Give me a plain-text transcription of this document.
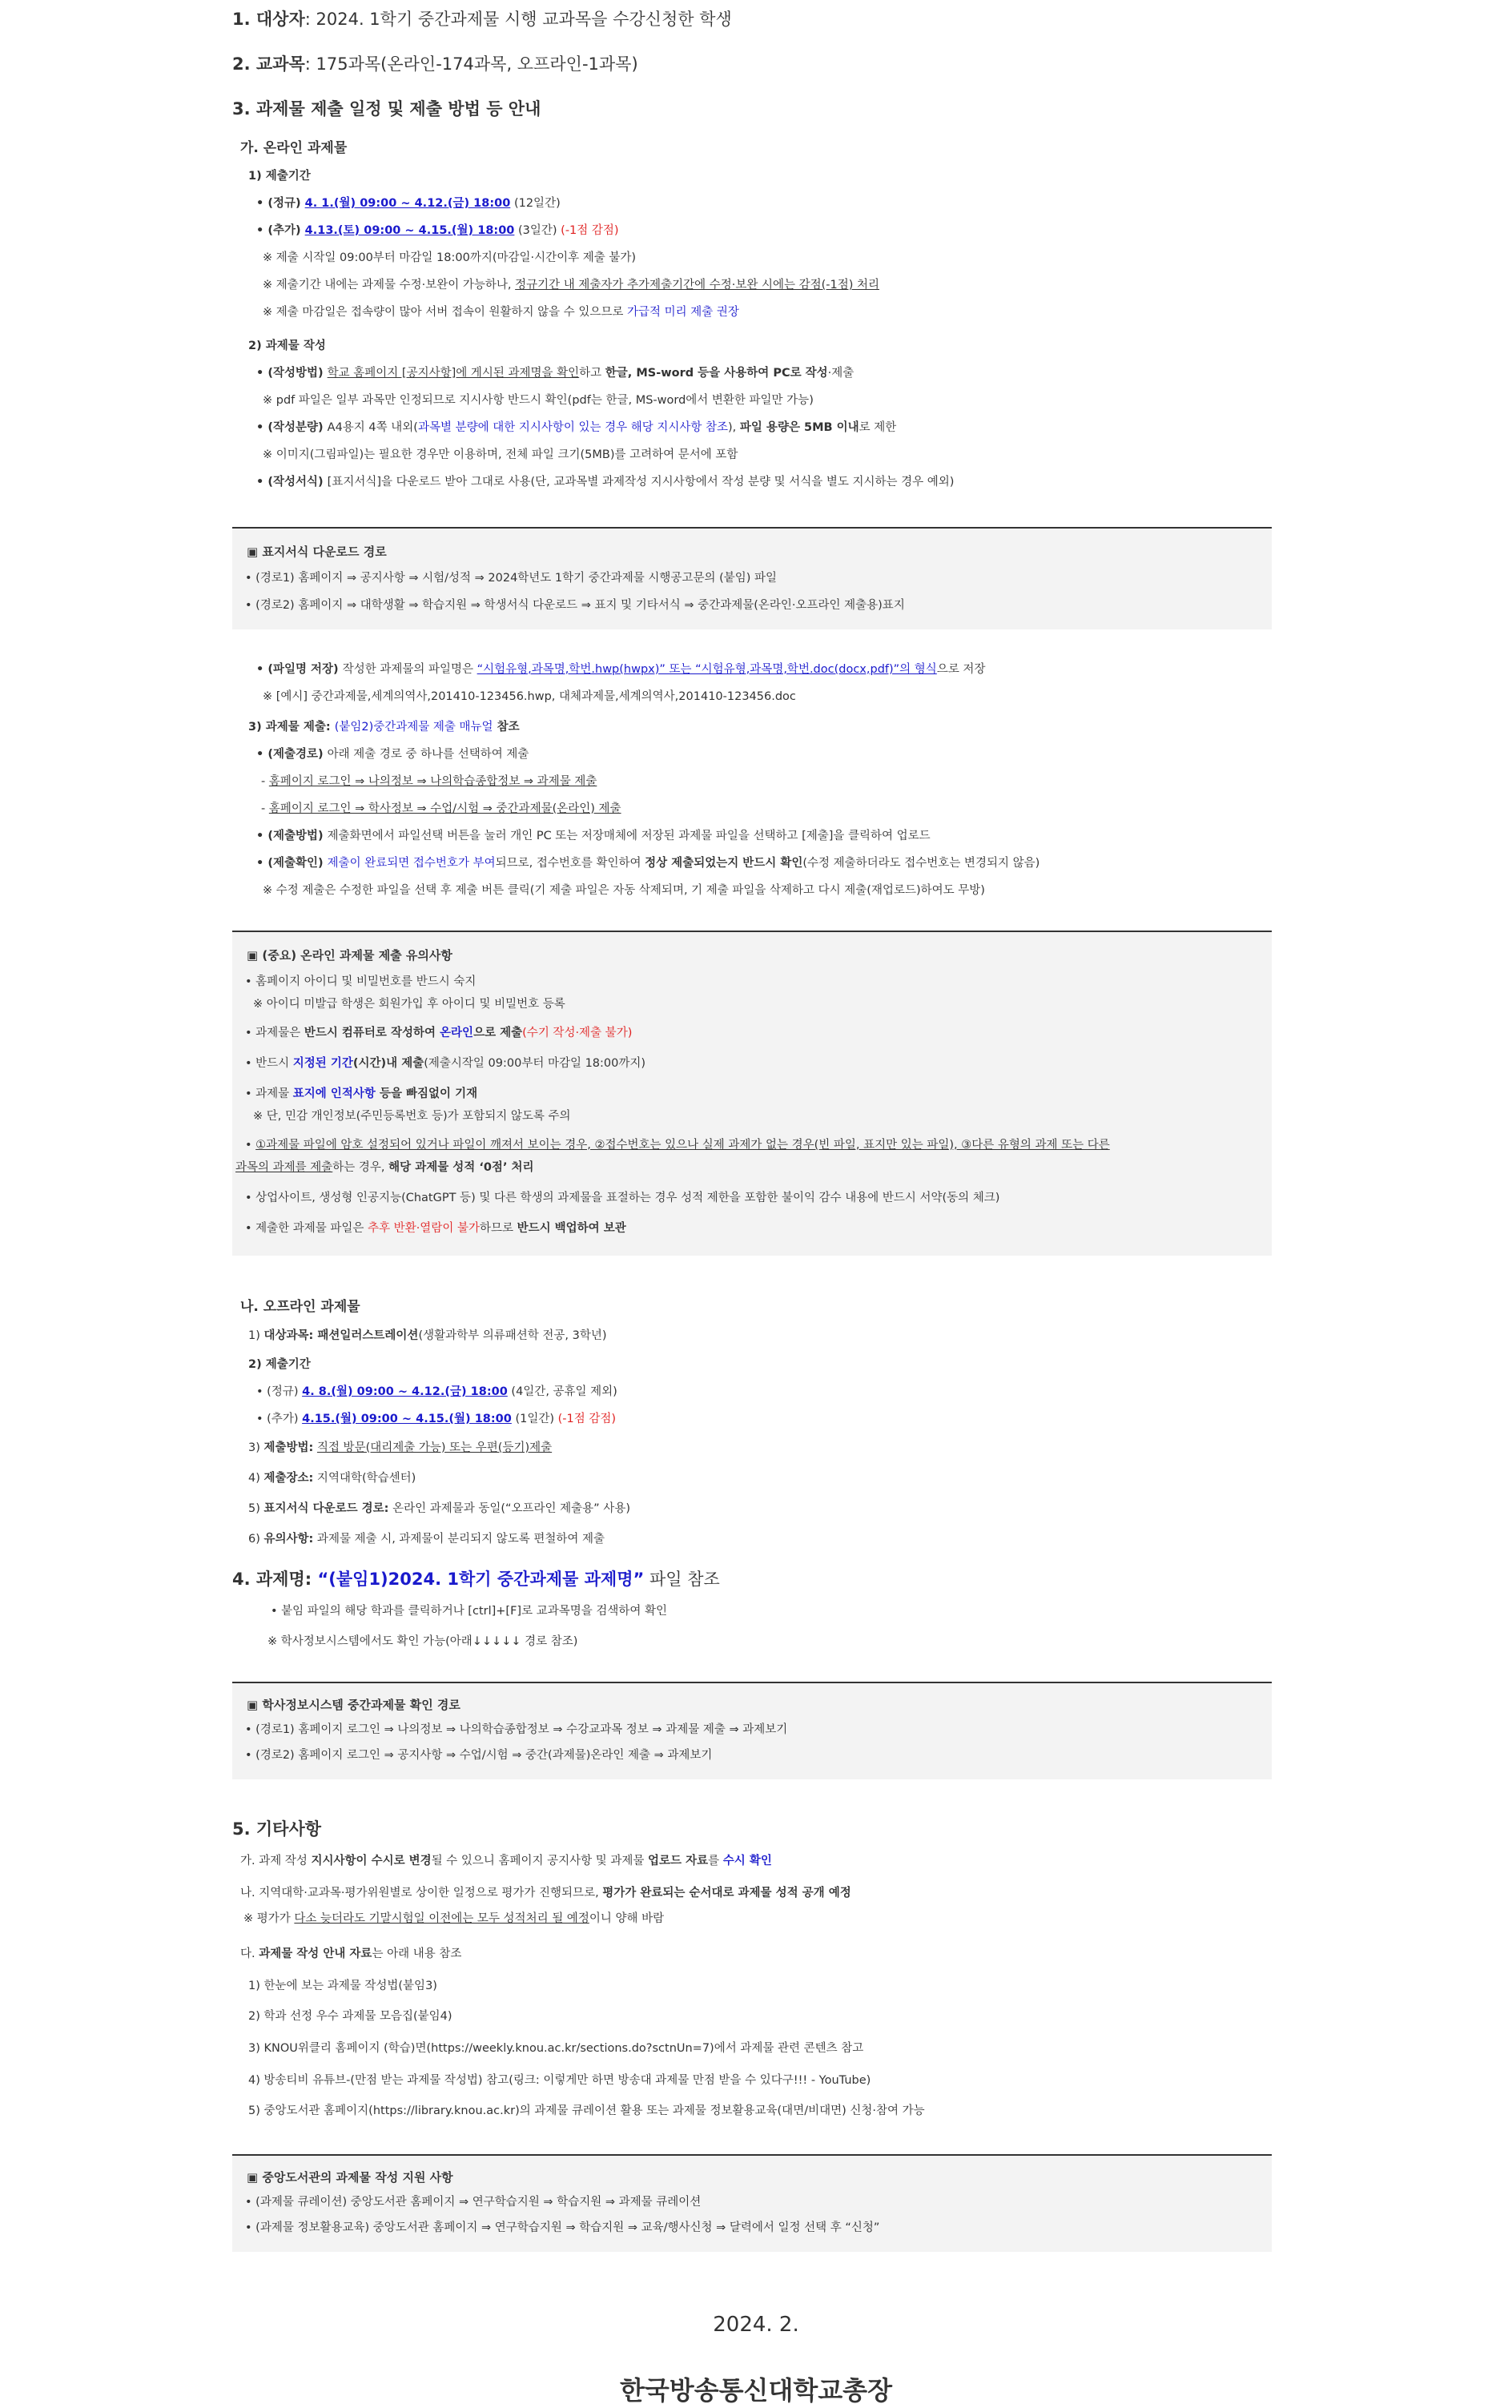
1. 대상자: 2024. 1학기 중간과제물 시행 교과목을 수강신청한 학생
2. 교과목: 175과목(온라인-174과목, 오프라인-1과목)
3. 과제물 제출 일정 및 제출 방법 등 안내
가. 온라인 과제물
1) 제출기간
• (정규) 4. 1.(월) 09:00 ~ 4.12.(금) 18:00 (12일간)
• (추가) 4.13.(토) 09:00 ~ 4.15.(월) 18:00 (3일간) (-1점 감점)
※ 제출 시작일 09:00부터 마감일 18:00까지(마감일·시간이후 제출 불가)
※ 제출기간 내에는 과제물 수정·보완이 가능하나, 정규기간 내 제출자가 추가제출기간에 수정·보완 시에는 감점(-1점) 처리
※ 제출 마감일은 접속량이 많아 서버 접속이 원활하지 않을 수 있으므로 가급적 미리 제출 권장
2) 과제물 작성
• (작성방법) 학교 홈페이지 [공지사항]에 게시된 과제명을 확인하고 한글, MS-word 등을 사용하여 PC로 작성·제출
※ pdf 파일은 일부 과목만 인정되므로 지시사항 반드시 확인(pdf는 한글, MS-word에서 변환한 파일만 가능)
• (작성분량) A4용지 4쪽 내외(과목별 분량에 대한 지시사항이 있는 경우 해당 지시사항 참조), 파일 용량은 5MB 이내로 제한
※ 이미지(그림파일)는 필요한 경우만 이용하며, 전체 파일 크기(5MB)를 고려하여 문서에 포함
• (작성서식) [표지서식]을 다운로드 받아 그대로 사용(단, 교과목별 과제작성 지시사항에서 작성 분량 및 서식을 별도 지시하는 경우 예외)
▣ 표지서식 다운로드 경로
• (경로1) 홈페이지 ⇒ 공지사항 ⇒ 시험/성적 ⇒ 2024학년도 1학기 중간과제물 시행공고문의 (붙임) 파일
• (경로2) 홈페이지 ⇒ 대학생활 ⇒ 학습지원 ⇒ 학생서식 다운로드 ⇒ 표지 및 기타서식 ⇒ 중간과제물(온라인·오프라인 제출용)표지
• (파일명 저장) 작성한 과제물의 파일명은 “시험유형,과목명,학번.hwp(hwpx)” 또는 “시험유형,과목명,학번.doc(docx,pdf)”의 형식으로 저장
※ [예시] 중간과제물,세계의역사,201410-123456.hwp, 대체과제물,세계의역사,201410-123456.doc
3) 과제물 제출: (붙임2)중간과제물 제출 매뉴얼 참조
• (제출경로) 아래 제출 경로 중 하나를 선택하여 제출
- 홈페이지 로그인 ⇒ 나의정보 ⇒ 나의학습종합정보 ⇒ 과제물 제출
- 홈페이지 로그인 ⇒ 학사정보 ⇒ 수업/시험 ⇒ 중간과제물(온라인) 제출
• (제출방법) 제출화면에서 파일선택 버튼을 눌러 개인 PC 또는 저장매체에 저장된 과제물 파일을 선택하고 [제출]을 클릭하여 업로드
• (제출확인) 제출이 완료되면 접수번호가 부여되므로, 접수번호를 확인하여 정상 제출되었는지 반드시 확인(수정 제출하더라도 접수번호는 변경되지 않음)
※ 수정 제출은 수정한 파일을 선택 후 제출 버튼 클릭(기 제출 파일은 자동 삭제되며, 기 제출 파일을 삭제하고 다시 제출(재업로드)하여도 무방)
▣ (중요) 온라인 과제물 제출 유의사항
• 홈페이지 아이디 및 비밀번호를 반드시 숙지
※ 아이디 미발급 학생은 회원가입 후 아이디 및 비밀번호 등록
• 과제물은 반드시 컴퓨터로 작성하여 온라인으로 제출(수기 작성·제출 불가)
• 반드시 지정된 기간(시간)내 제출(제출시작일 09:00부터 마감일 18:00까지)
• 과제물 표지에 인적사항 등을 빠짐없이 기재
※ 단, 민감 개인정보(주민등록번호 등)가 포함되지 않도록 주의
• ①과제물 파일에 암호 설정되어 있거나 파일이 깨져서 보이는 경우, ②접수번호는 있으나 실제 과제가 없는 경우(빈 파일, 표지만 있는 파일), ③다른 유형의 과제 또는 다른
과목의 과제를 제출하는 경우, 해당 과제물 성적 ‘0점’ 처리
• 상업사이트, 생성형 인공지능(ChatGPT 등) 및 다른 학생의 과제물을 표절하는 경우 성적 제한을 포함한 불이익 감수 내용에 반드시 서약(동의 체크)
• 제출한 과제물 파일은 추후 반환·열람이 불가하므로 반드시 백업하여 보관
나. 오프라인 과제물
1) 대상과목: 패션일러스트레이션(생활과학부 의류패션학 전공, 3학년)
2) 제출기간
• (정규) 4. 8.(월) 09:00 ~ 4.12.(금) 18:00 (4일간, 공휴일 제외)
• (추가) 4.15.(월) 09:00 ~ 4.15.(월) 18:00 (1일간) (-1점 감점)
3) 제출방법: 직접 방문(대리제출 가능) 또는 우편(등기)제출
4) 제출장소: 지역대학(학습센터)
5) 표지서식 다운로드 경로: 온라인 과제물과 동일(“오프라인 제출용” 사용)
6) 유의사항: 과제물 제출 시, 과제물이 분리되지 않도록 편철하여 제출
4. 과제명: “(붙임1)2024. 1학기 중간과제물 과제명” 파일 참조
• 붙임 파일의 해당 학과를 클릭하거나 [ctrl]+[F]로 교과목명을 검색하여 확인
※ 학사정보시스템에서도 확인 가능(아래↓↓↓↓↓ 경로 참조)
▣ 학사정보시스템 중간과제물 확인 경로
• (경로1) 홈페이지 로그인 ⇒ 나의정보 ⇒ 나의학습종합정보 ⇒ 수강교과목 정보 ⇒ 과제물 제출 ⇒ 과제보기
• (경로2) 홈페이지 로그인 ⇒ 공지사항 ⇒ 수업/시험 ⇒ 중간(과제물)온라인 제출 ⇒ 과제보기
5. 기타사항
가. 과제 작성 지시사항이 수시로 변경될 수 있으니 홈페이지 공지사항 및 과제물 업로드 자료를 수시 확인
나. 지역대학·교과목·평가위원별로 상이한 일정으로 평가가 진행되므로, 평가가 완료되는 순서대로 과제물 성적 공개 예정
※ 평가가 다소 늦더라도 기말시험일 이전에는 모두 성적처리 될 예정이니 양해 바람
다. 과제물 작성 안내 자료는 아래 내용 참조
1) 한눈에 보는 과제물 작성법(붙임3)
2) 학과 선정 우수 과제물 모음집(붙임4)
3) KNOU위클리 홈페이지 (학습)면(https://weekly.knou.ac.kr/sections.do?sctnUn=7)에서 과제물 관련 콘텐츠 참고
4) 방송티비 유튜브-(만점 받는 과제물 작성법) 참고(링크: 이렇게만 하면 방송대 과제물 만점 받을 수 있다구!!! - YouTube)
5) 중앙도서관 홈페이지(https://library.knou.ac.kr)의 과제물 큐레이션 활용 또는 과제물 정보활용교육(대면/비대면) 신청·참여 가능
▣ 중앙도서관의 과제물 작성 지원 사항
• (과제물 큐레이션) 중앙도서관 홈페이지 ⇒ 연구학습지원 ⇒ 학습지원 ⇒ 과제물 큐레이션
• (과제물 정보활용교육) 중앙도서관 홈페이지 ⇒ 연구학습지원 ⇒ 학습지원 ⇒ 교육/행사신청 ⇒ 달력에서 일정 선택 후 “신청”
2024. 2.
한국방송통신대학교총장
